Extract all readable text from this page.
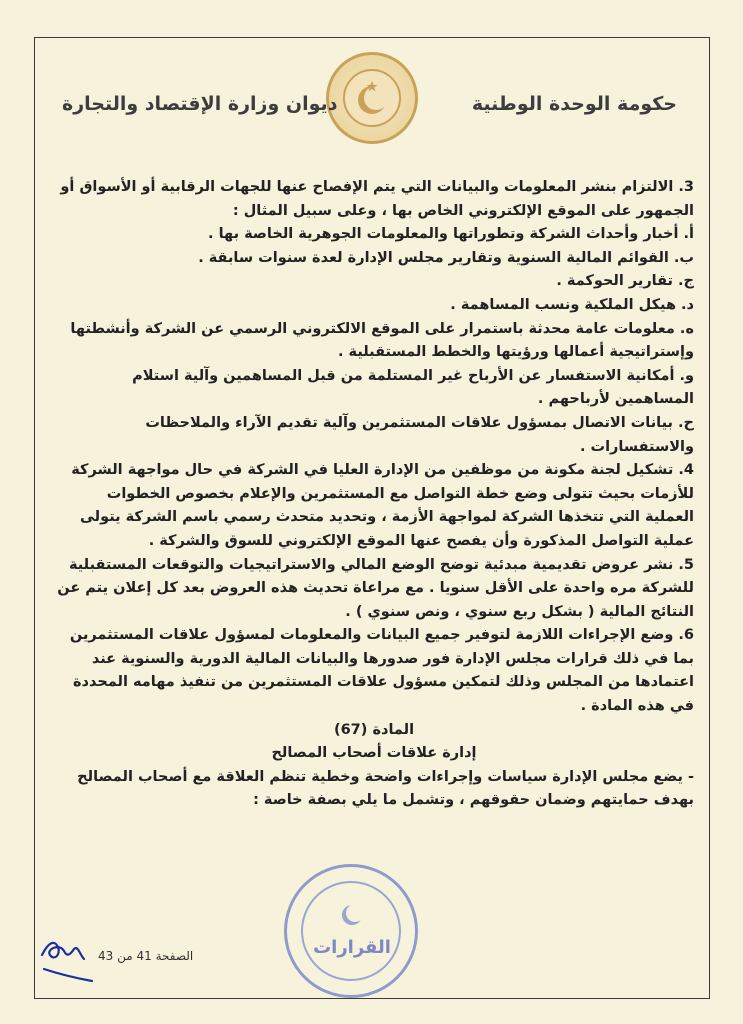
حكومة الوحدة الوطنية
ديوان وزارة الإقتصاد والتجارة

3. الالتزام بنشر المعلومات والبيانات التي يتم الإفصاح عنها للجهات الرقابية أو الأسواق أو الجمهور على الموقع الإلكتروني الخاص بها ، وعلى سبيل المثال :

أ. أخبار وأحداث الشركة وتطوراتها والمعلومات الجوهرية الخاصة بها .

ب. القوائم المالية السنوية وتقارير مجلس الإدارة لعدة سنوات سابقة .

ج. تقارير الحوكمة .

د. هيكل الملكية ونسب المساهمة .

ه. معلومات عامة محدثة باستمرار على الموقع الالكتروني الرسمي عن الشركة وأنشطتها وإستراتيجية أعمالها ورؤيتها والخطط المستقبلية .

و. أمكانية الاستفسار عن الأرباح غير المستلمة من قبل المساهمين وآلية استلام المساهمين لأرباحهم .

ح. بيانات الاتصال بمسؤول علاقات المستثمرين وآلية تقديم الآراء والملاحظات والاستفسارات .

4. تشكيل لجنة مكونة من موظفين من الإدارة العليا في الشركة في حال مواجهة الشركة للأزمات بحيث تتولى وضع خطة التواصل مع المستثمرين والإعلام بخصوص الخطوات العملية التي تتخذها الشركة لمواجهة الأزمة ، وتحديد متحدث رسمي باسم الشركة يتولى عملية التواصل المذكورة وأن يفصح عنها الموقع الإلكتروني للسوق والشركة .

5. نشر عروض تقديمية مبدئية توضح الوضع المالي والاستراتيجيات والتوقعات المستقبلية للشركة مره واحدة على الأقل سنويا . مع مراعاة تحديث هذه العروض بعد كل إعلان يتم عن النتائج المالية ( بشكل ربع سنوي ، ونص سنوي ) .

6. وضع الإجراءات اللازمة لتوفير جميع البيانات والمعلومات لمسؤول علاقات المستثمرين بما في ذلك قرارات مجلس الإدارة فور صدورها والبيانات المالية الدورية والسنوية عند اعتمادها من المجلس وذلك لتمكين مسؤول علاقات المستثمرين من تنفيذ مهامه المحددة في هذه المادة .

المادة (67)

إدارة علاقات أصحاب المصالح

- يضع مجلس الإدارة سياسات وإجراءات واضحة وخطية تنظم العلاقة مع أصحاب المصالح بهدف حمايتهم وضمان حقوقهم ، وتشمل ما يلي بصفة خاصة :

الصفحة 41 من 43	القرارات
